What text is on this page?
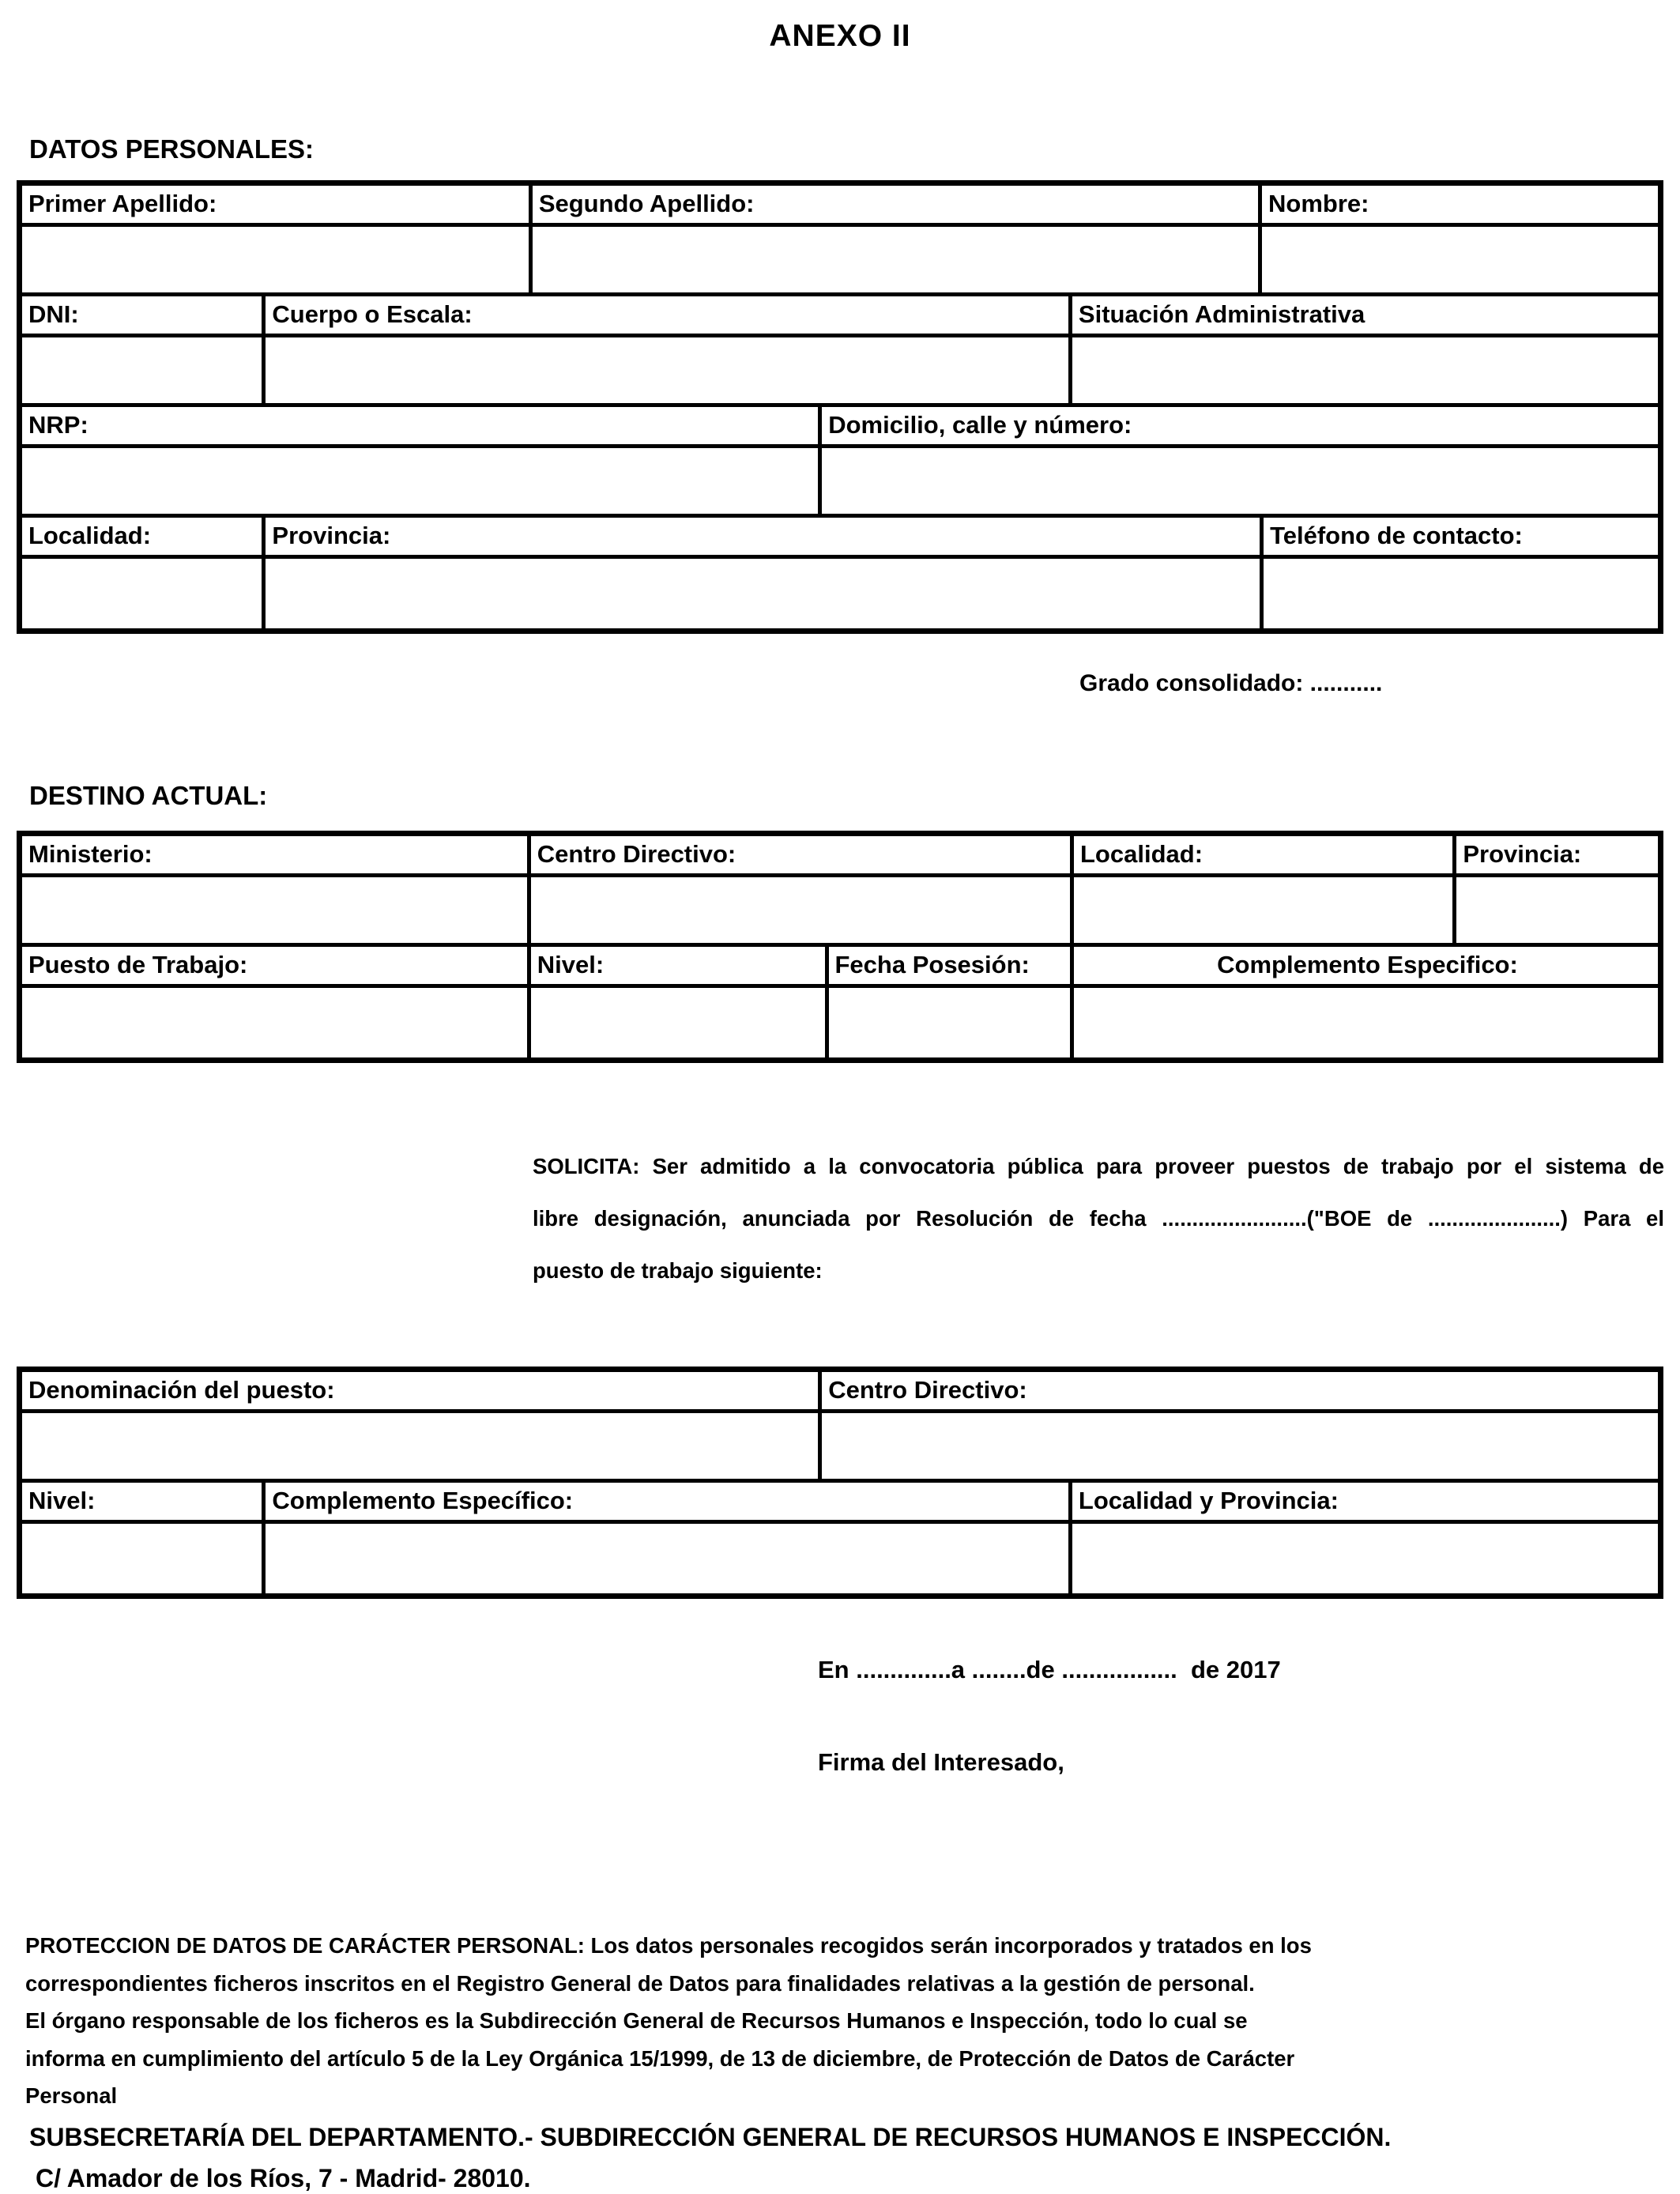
ANEXO II
DATOS PERSONALES:
Primer Apellido:	Segundo Apellido:	Nombre:
DNI:	Cuerpo o Escala:	Situación Administrativa
NRP:	Domicilio, calle y número:
Localidad:	Provincia:	Teléfono de contacto:
Grado consolidado: ...........
DESTINO ACTUAL:
Ministerio:	Centro Directivo:	Localidad:	Provincia:
Puesto de Trabajo:	Nivel:	Fecha Posesión:	Complemento Especifico:
SOLICITA: Ser admitido a la convocatoria pública para proveer puestos de trabajo por el sistema de
libre designación, anunciada por Resolución de fecha ........................("BOE de ......................) Para el
puesto de trabajo siguiente:
Denominación del puesto:	Centro Directivo:
Nivel:	Complemento Específico:	Localidad y Provincia:
En ..............a ........de .................  de 2017
Firma del Interesado,
PROTECCION DE DATOS DE CARÁCTER PERSONAL: Los datos personales recogidos serán incorporados y tratados en los
correspondientes ficheros inscritos en el Registro General de Datos para finalidades relativas a la gestión de personal.
El órgano responsable de los ficheros es la Subdirección General de Recursos Humanos e Inspección, todo lo cual se
informa en cumplimiento del artículo 5 de la Ley Orgánica 15/1999, de 13 de diciembre, de Protección de Datos de Carácter
Personal
SUBSECRETARÍA DEL DEPARTAMENTO.- SUBDIRECCIÓN GENERAL DE RECURSOS HUMANOS E INSPECCIÓN.
C/ Amador de los Ríos, 7 - Madrid- 28010.
